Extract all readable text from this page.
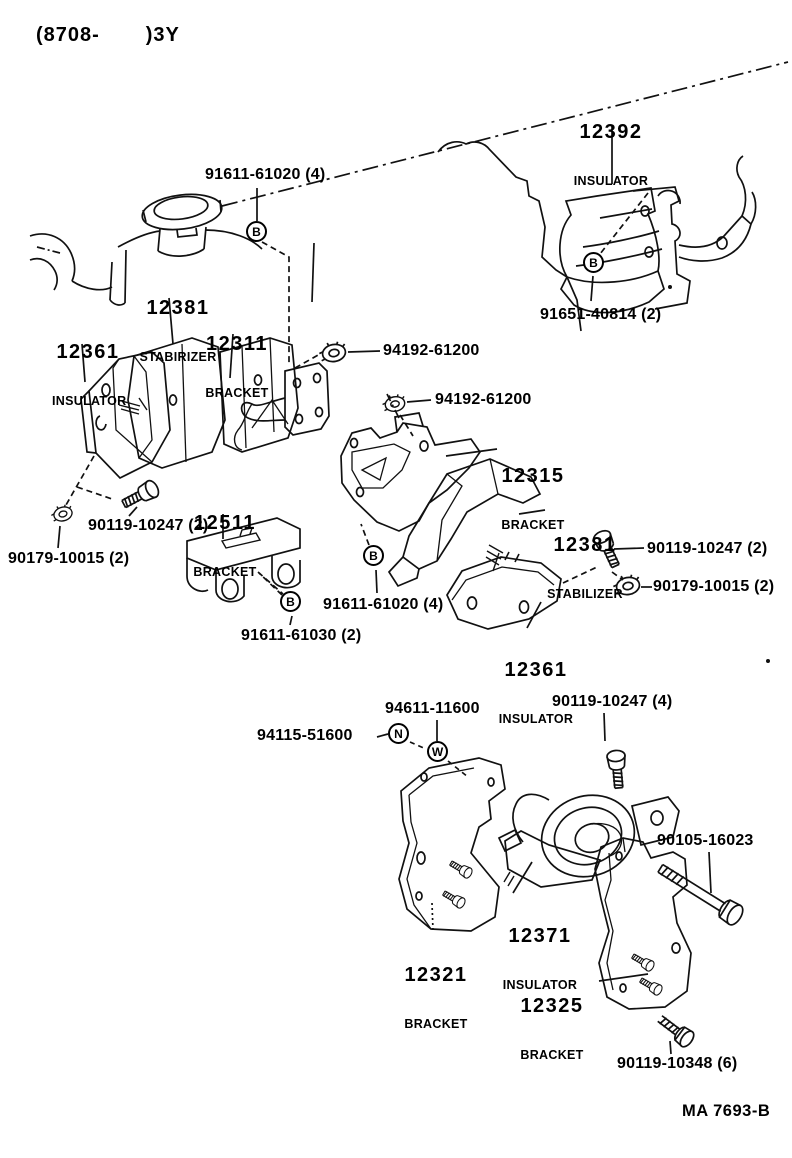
(8708-       )3Y

12392

INSULATOR

12381

STABIRIZER

12311

BRACKET

12361

INSULATOR

12315

BRACKET

12511

BRACKET

12381

STABILIZER

12361

INSULATOR

12371

INSULATOR

12321

BRACKET

12325

BRACKET

91611-61020 (4)
91651-40814 (2)
94192-61200
94192-61200
90119-10247 (2)
90179-10015 (2)
90119-10247 (2)
90179-10015 (2)
91611-61020 (4)
91611-61030 (2)
94611-11600
94115-51600
90119-10247 (4)
90105-16023
90119-10348 (6)
B
B
B
B
N
W
MA 7693-B
